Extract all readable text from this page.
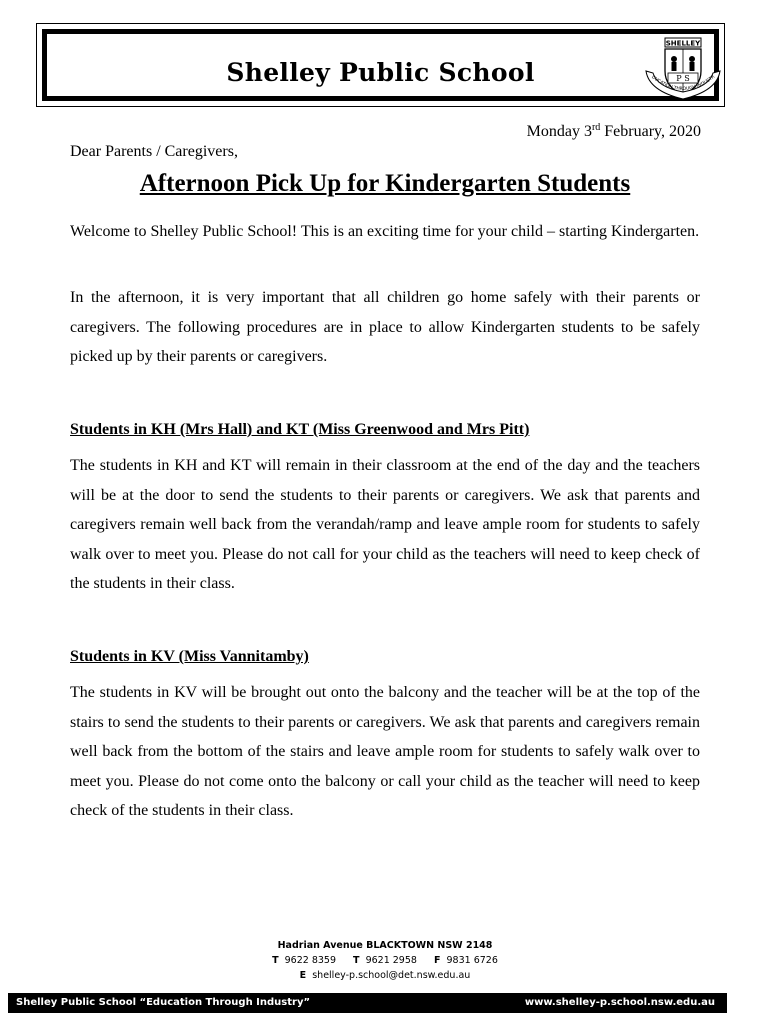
Shelley Public School
SHELLEY
P S
DUCATION THROUGH INDUSTR
Monday 3rd February, 2020
Dear Parents / Caregivers,
Afternoon Pick Up for Kindergarten Students

Welcome to Shelley Public School! This is an exciting time for your child – starting Kindergarten.

In the afternoon, it is very important that all children go home safely with their parents or caregivers. The following procedures are in place to allow Kindergarten students to be safely picked up by their parents or caregivers.

Students in KH (Mrs Hall) and KT (Miss Greenwood and Mrs Pitt)

The students in KH and KT will remain in their classroom at the end of the day and the teachers will be at the door to send the students to their parents or caregivers. We ask that parents and caregivers remain well back from the verandah/ramp and leave ample room for students to safely walk over to meet you. Please do not call for your child as the teachers will need to keep check of the students in their class.

Students in KV (Miss Vannitamby)

The students in KV will be brought out onto the balcony and the teacher will be at the top of the stairs to send the students to their parents or caregivers. We ask that parents and caregivers remain well back from the bottom of the stairs and leave ample room for students to safely walk over to meet you. Please do not come onto the balcony or call your child as the teacher will need to keep check of the students in their class.

Hadrian Avenue BLACKTOWN NSW 2148
T 9622 8359 T 9621 2958 F 9831 6726
E shelley-p.school@det.nsw.edu.au
Shelley Public School “Education Through Industry”	www.shelley-p.school.nsw.edu.au
